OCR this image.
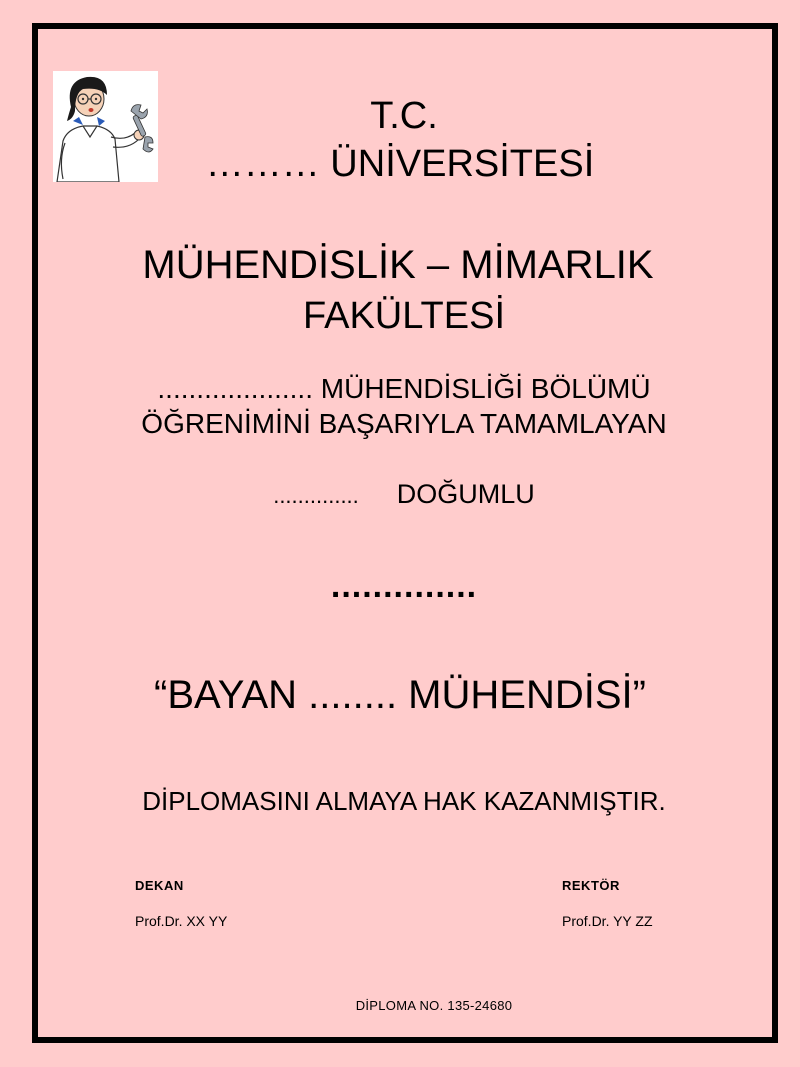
T.C.

……… ÜNİVERSİTESİ

MÜHENDİSLİK – MİMARLIK

FAKÜLTESİ

.................... MÜHENDİSLİĞİ BÖLÜMÜ

ÖĞRENİMİNİ BAŞARIYLA TAMAMLAYAN

.............. DOĞUMLU

..............

“BAYAN ........ MÜHENDİSİ”

DİPLOMASINI ALMAYA HAK KAZANMIŞTIR.

DEKAN
Prof.Dr. XX YY
REKTÖR
Prof.Dr. YY ZZ
DİPLOMA NO. 135-24680
